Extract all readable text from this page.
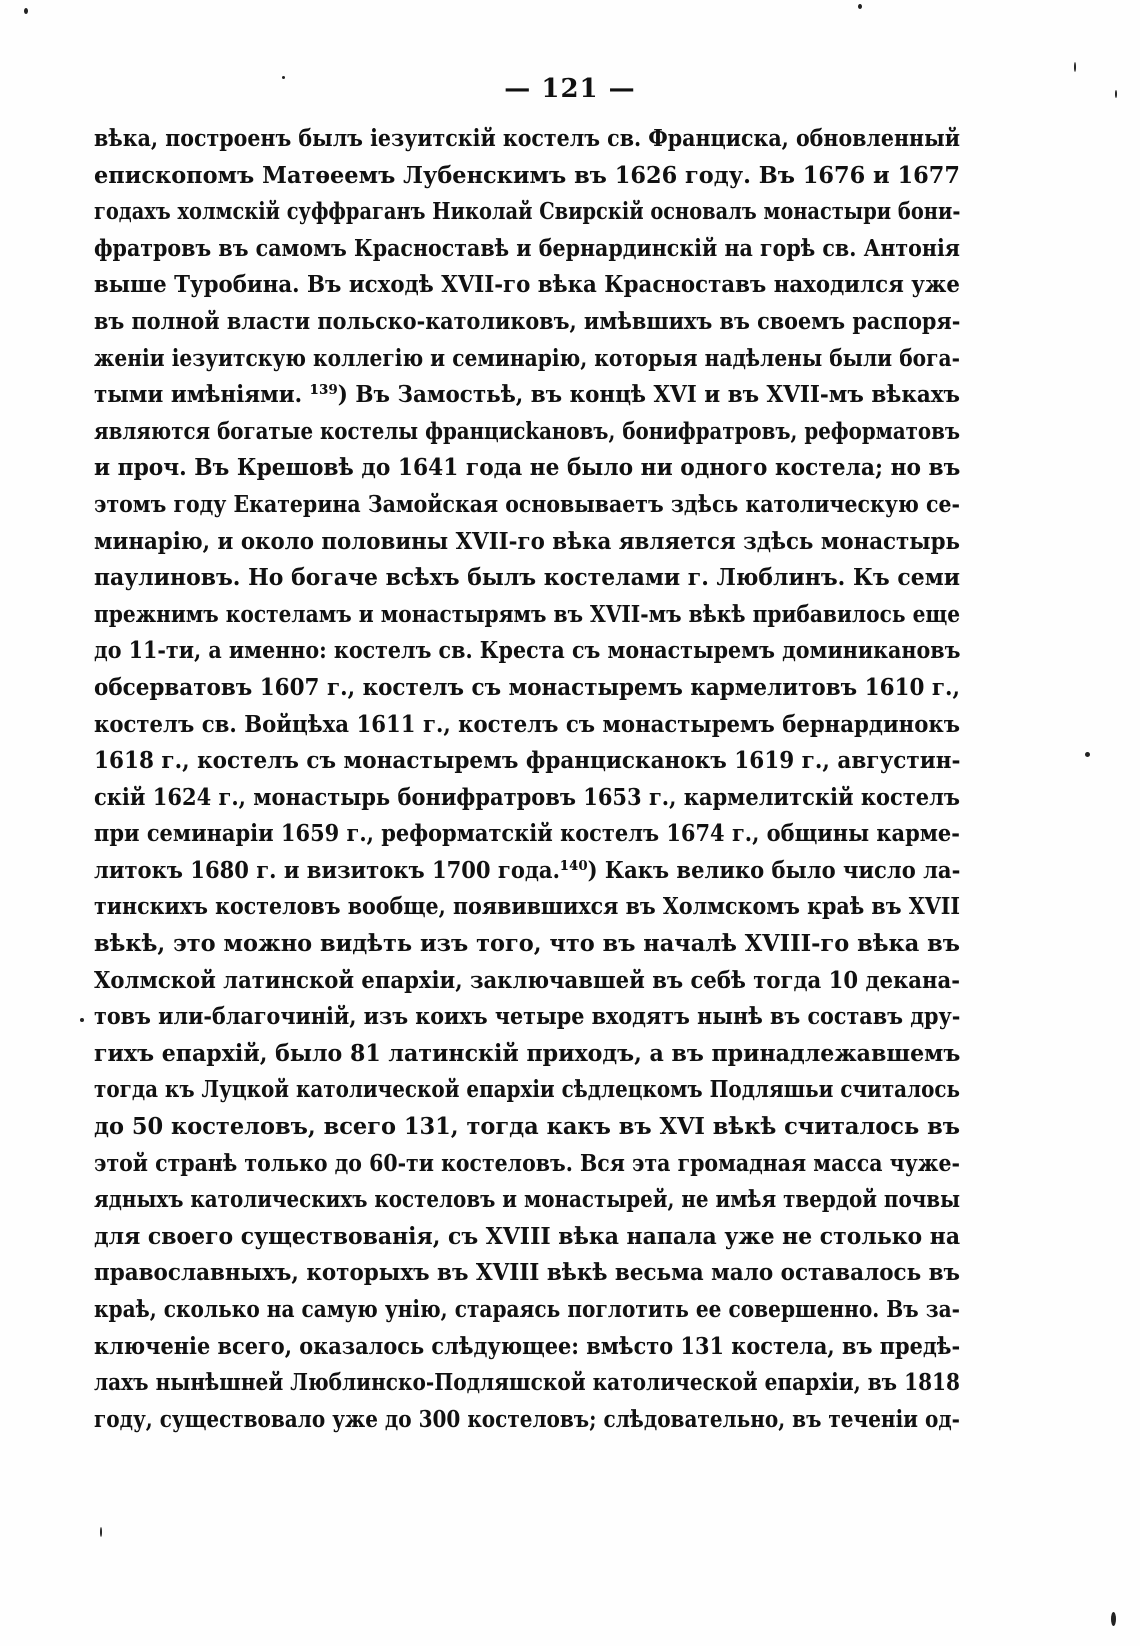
— 121 —
вѣка, построенъ былъ iезуитскiй костелъ св. Франциска, обновленный
епископомъ Матѳеемъ Лубенскимъ въ 1626 году. Въ 1676 и 1677
годахъ холмскiй суффраганъ Николай Свирскiй основалъ монастыри бони-
фратровъ въ самомъ Красноставѣ и бернардинскiй на горѣ св. Антонiя
выше Туробина. Въ исходѣ XVII-го вѣка Красноставъ находился уже
въ полной власти польско-католиковъ, имѣвшихъ въ своемъ распоря-
женiи iезуитскую коллегiю и семинарiю, которыя надѣлены были бога-
тыми имѣнiями. ¹³⁹) Въ Замостьѣ, въ концѣ XVI и въ XVII-мъ вѣкахъ
являются богатые костелы францисkановъ, бонифратровъ, реформатовъ
и проч. Въ Крешовѣ до 1641 года не было ни одного костела; но въ
этомъ году Екатерина Замойская основываетъ здѣсь католическую се-
минарiю, и около половины XVII-го вѣка является здѣсь монастырь
паулиновъ. Но богаче всѣхъ былъ костелами г. Люблинъ. Къ семи
прежнимъ костеламъ и монастырямъ въ XVII-мъ вѣкѣ прибавилось еще
до 11-ти, а именно: костелъ св. Креста съ монастыремъ доминикановъ
обсерватовъ 1607 г., костелъ съ монастыремъ кармелитовъ 1610 г.,
костелъ св. Войцѣха 1611 г., костелъ съ монастыремъ бернардинокъ
1618 г., костелъ съ монастыремъ францисканокъ 1619 г., августин-
скiй 1624 г., монастырь бонифратровъ 1653 г., кармелитскiй костелъ
при семинарiи 1659 г., реформатскiй костелъ 1674 г., общины карме-
литокъ 1680 г. и визитокъ 1700 года.¹⁴⁰) Какъ велико было число ла-
тинскихъ костеловъ вообще, появившихся въ Холмскомъ краѣ въ XVII
вѣкѣ, это можно видѣть изъ того, что въ началѣ XVIII-го вѣка въ
Холмской латинской епархiи, заключавшей въ себѣ тогда 10 деканa-
товъ или-благочинiй, изъ коихъ четыре входятъ нынѣ въ составъ дру-
гихъ епархiй, было 81 латинскiй приходъ, а въ принадлежавшемъ
тогда къ Луцкой католической епархiи сѣдлецкомъ Подляшьи считалось
до 50 костеловъ, всего 131, тогда какъ въ XVI вѣкѣ считалось въ
этой странѣ только до 60-ти костеловъ. Вся эта громадная масса чуже-
ядныхъ католическихъ костеловъ и монастырей, не имѣя твердой почвы
для своего существованiя, съ XVIII вѣка напала уже не столько на
православныхъ, которыхъ въ XVIII вѣкѣ весьма мало оставалось въ
краѣ, сколько на самую унiю, стараясь поглотить ее совершенно. Въ за-
ключенiе всего, оказалось слѣдующее: вмѣсто 131 костела, въ предѣ-
лахъ нынѣшней Люблинско-Подляшской католической епархiи, въ 1818
году, существовало уже до 300 костеловъ; слѣдовательно, въ теченiи од-
